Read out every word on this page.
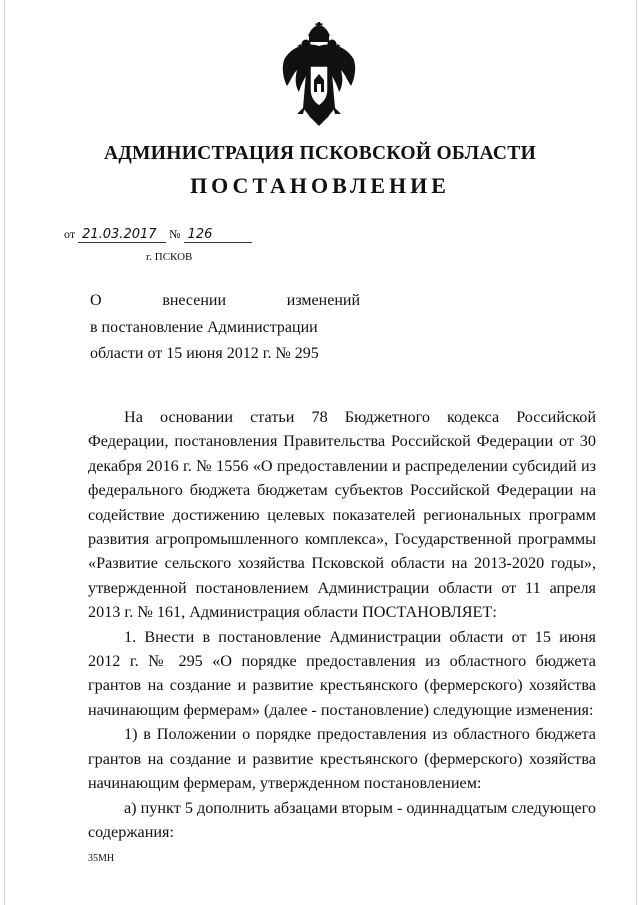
АДМИНИСТРАЦИЯ ПСКОВСКОЙ ОБЛАСТИ
ПОСТАНОВЛЕНИЕ
от 21.03.2017 № 126
г. ПСКОВ
О	внесении	изменений
в постановление Администрации
области от 15 июня 2012 г. № 295

На основании статьи 78 Бюджетного кодекса Российской Федерации, постановления Правительства Российской Федерации от 30 декабря 2016 г. № 1556 «О предоставлении и распределении субсидий из федерального бюджета бюджетам субъектов Российской Федерации на содействие достижению целевых показателей региональных программ развития агропромышленного комплекса», Государственной программы «Развитие сельского хозяйства Псковской области на 2013-2020 годы», утвержденной постановлением Администрации области от 11 апреля 2013 г. № 161, Администрация области ПОСТАНОВЛЯЕТ:

1. Внести в постановление Администрации области от 15 июня 2012 г. № 295 «О порядке предоставления из областного бюджета грантов на создание и развитие крестьянского (фермерского) хозяйства начинающим фермерам» (далее - постановление) следующие изменения:

1) в Положении о порядке предоставления из областного бюджета грантов на создание и развитие крестьянского (фермерского) хозяйства начинающим фермерам, утвержденном постановлением:

а) пункт 5 дополнить абзацами вторым - одиннадцатым следующего содержания:

35МН
